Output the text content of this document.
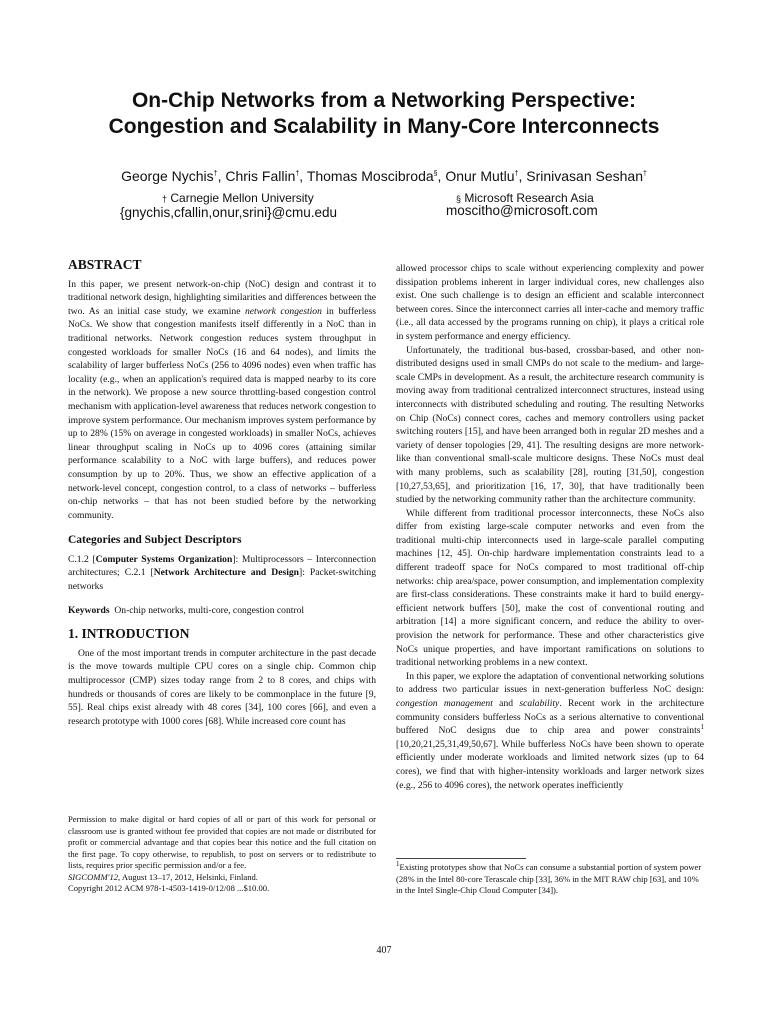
On-Chip Networks from a Networking Perspective:
Congestion and Scalability in Many-Core Interconnects
George Nychis†, Chris Fallin†, Thomas Moscibroda§, Onur Mutlu†, Srinivasan Seshan†
† Carnegie Mellon University
{gnychis,cfallin,onur,srini}@cmu.edu
§ Microsoft Research Asia
moscitho@microsoft.com
ABSTRACT

In this paper, we present network-on-chip (NoC) design and contrast it to traditional network design, highlighting similarities and differences between the two. As an initial case study, we examine network congestion in bufferless NoCs. We show that congestion manifests itself differently in a NoC than in traditional networks. Network congestion reduces system throughput in congested workloads for smaller NoCs (16 and 64 nodes), and limits the scalability of larger bufferless NoCs (256 to 4096 nodes) even when traffic has locality (e.g., when an application's required data is mapped nearby to its core in the network). We propose a new source throttling-based congestion control mechanism with application-level awareness that reduces network congestion to improve system performance. Our mechanism improves system performance by up to 28% (15% on average in congested workloads) in smaller NoCs, achieves linear throughput scaling in NoCs up to 4096 cores (attaining similar performance scalability to a NoC with large buffers), and reduces power consumption by up to 20%. Thus, we show an effective application of a network-level concept, congestion control, to a class of networks – bufferless on-chip networks – that has not been studied before by the networking community.

Categories and Subject Descriptors

C.1.2 [Computer Systems Organization]: Multiprocessors – Interconnection architectures; C.2.1 [Network Architecture and Design]: Packet-switching networks

Keywords On-chip networks, multi-core, congestion control

1. INTRODUCTION

One of the most important trends in computer architecture in the past decade is the move towards multiple CPU cores on a single chip. Common chip multiprocessor (CMP) sizes today range from 2 to 8 cores, and chips with hundreds or thousands of cores are likely to be commonplace in the future [9, 55]. Real chips exist already with 48 cores [34], 100 cores [66], and even a research prototype with 1000 cores [68]. While increased core count has

Permission to make digital or hard copies of all or part of this work for personal or classroom use is granted without fee provided that copies are not made or distributed for profit or commercial advantage and that copies bear this notice and the full citation on the first page. To copy otherwise, to republish, to post on servers or to redistribute to lists, requires prior specific permission and/or a fee.

SIGCOMM'12, August 13–17, 2012, Helsinki, Finland.

Copyright 2012 ACM 978-1-4503-1419-0/12/08 ...$10.00.

allowed processor chips to scale without experiencing complexity and power dissipation problems inherent in larger individual cores, new challenges also exist. One such challenge is to design an efficient and scalable interconnect between cores. Since the interconnect carries all inter-cache and memory traffic (i.e., all data accessed by the programs running on chip), it plays a critical role in system performance and energy efficiency.

Unfortunately, the traditional bus-based, crossbar-based, and other non-distributed designs used in small CMPs do not scale to the medium- and large-scale CMPs in development. As a result, the architecture research community is moving away from traditional centralized interconnect structures, instead using interconnects with distributed scheduling and routing. The resulting Networks on Chip (NoCs) connect cores, caches and memory controllers using packet switching routers [15], and have been arranged both in regular 2D meshes and a variety of denser topologies [29, 41]. The resulting designs are more network-like than conventional small-scale multicore designs. These NoCs must deal with many problems, such as scalability [28], routing [31,50], congestion [10,27,53,65], and prioritization [16, 17, 30], that have traditionally been studied by the networking community rather than the architecture community.

While different from traditional processor interconnects, these NoCs also differ from existing large-scale computer networks and even from the traditional multi-chip interconnects used in large-scale parallel computing machines [12, 45]. On-chip hardware implementation constraints lead to a different tradeoff space for NoCs compared to most traditional off-chip networks: chip area/space, power consumption, and implementation complexity are first-class considerations. These constraints make it hard to build energy-efficient network buffers [50], make the cost of conventional routing and arbitration [14] a more significant concern, and reduce the ability to over-provision the network for performance. These and other characteristics give NoCs unique properties, and have important ramifications on solutions to traditional networking problems in a new context.

In this paper, we explore the adaptation of conventional networking solutions to address two particular issues in next-generation bufferless NoC design: congestion management and scalability. Recent work in the architecture community considers bufferless NoCs as a serious alternative to conventional buffered NoC designs due to chip area and power constraints$^1$ [10,20,21,25,31,49,50,67]. While bufferless NoCs have been shown to operate efficiently under moderate workloads and limited network sizes (up to 64 cores), we find that with higher-intensity workloads and larger network sizes (e.g., 256 to 4096 cores), the network operates inefficiently

$^1$Existing prototypes show that NoCs can consume a substantial portion of system power (28% in the Intel 80-core Terascale chip [33], 36% in the MIT RAW chip [63], and 10% in the Intel Single-Chip Cloud Computer [34]).
407
